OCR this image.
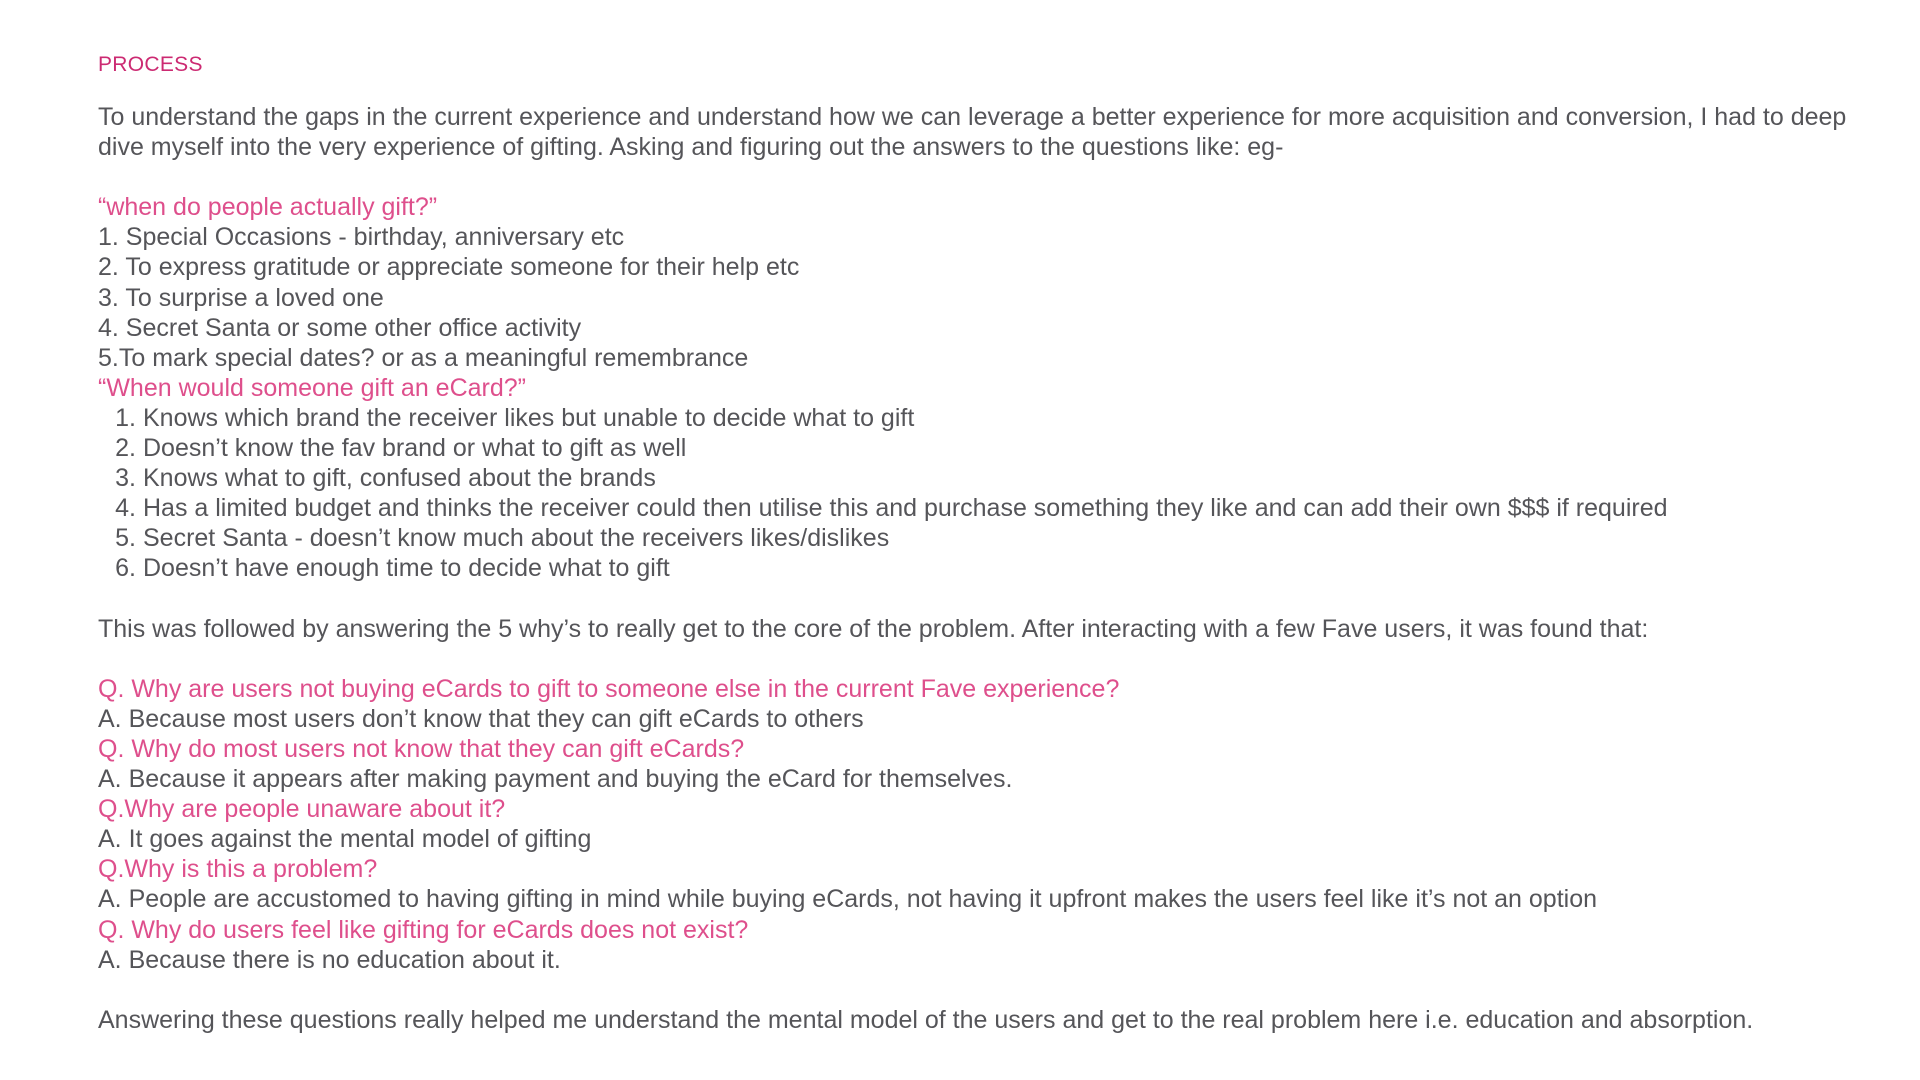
PROCESS

To understand the gaps in the current experience and understand how we can leverage a better experience for more acquisition and conversion, I had to deep dive myself into the very experience of gifting. Asking and figuring out the answers to the questions like: eg-

“when do people actually gift?”

1. Special Occasions - birthday, anniversary etc

2. To express gratitude or appreciate someone for their help etc

3. To surprise a loved one

4. Secret Santa or some other office activity

5.To mark special dates? or as a meaningful remembrance

“When would someone gift an eCard?”

1. Knows which brand the receiver likes but unable to decide what to gift
2. Doesn’t know the fav brand or what to gift as well
3. Knows what to gift, confused about the brands
4. Has a limited budget and thinks the receiver could then utilise this and purchase something they like and can add their own $$$ if required
5. Secret Santa - doesn’t know much about the receivers likes/dislikes
6. Doesn’t have enough time to decide what to gift

This was followed by answering the 5 why’s to really get to the core of the problem. After interacting with a few Fave users, it was found that:

Q. Why are users not buying eCards to gift to someone else in the current Fave experience?

A. Because most users don’t know that they can gift eCards to others

Q. Why do most users not know that they can gift eCards?

A. Because it appears after making payment and buying the eCard for themselves.

Q.Why are people unaware about it?

A. It goes against the mental model of gifting

Q.Why is this a problem?

A. People are accustomed to having gifting in mind while buying eCards, not having it upfront makes the users feel like it’s not an option

Q. Why do users feel like gifting for eCards does not exist?

A. Because there is no education about it.

Answering these questions really helped me understand the mental model of the users and get to the real problem here i.e. education and absorption.
